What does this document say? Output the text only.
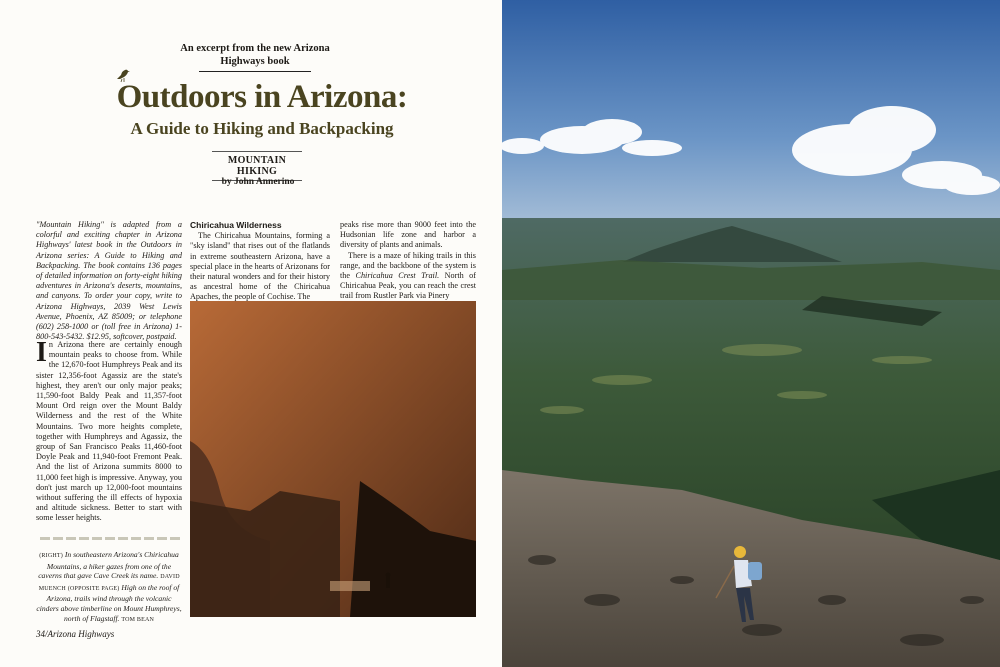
An excerpt from the new Arizona Highways book
Outdoors in Arizona:
A Guide to Hiking and Backpacking
MOUNTAIN HIKING
by John Annerino
"Mountain Hiking" is adapted from a colorful and exciting chapter in Arizona Highways' latest book in the Outdoors in Arizona series: A Guide to Hiking and Backpacking. The book contains 136 pages of detailed information on forty-eight hiking adventures in Arizona's deserts, mountains, and canyons. To order your copy, write to Arizona Highways, 2039 West Lewis Avenue, Phoenix, AZ 85009; or telephone (602) 258-1000 or (toll free in Arizona) 1-800-543-5432. $12.95, softcover, postpaid.
I n Arizona there are certainly enough mountain peaks to choose from. While the 12,670-foot Humphreys Peak and its sister 12,356-foot Agassiz are the state's highest, they aren't our only major peaks; 11,590-foot Baldy Peak and 11,357-foot Mount Ord reign over the Mount Baldy Wilderness and the rest of the White Mountains. Two more heights complete, together with Humphreys and Agassiz, the group of San Francisco Peaks 11,460-foot Doyle Peak and 11,940-foot Fremont Peak. And the list of Arizona summits 8000 to 11,000 feet high is impressive. Anyway, you don't just march up 12,000-foot mountains without suffering the ill effects of hypoxia and altitude sickness. Better to start with some lesser heights.
Chiricahua Wilderness

The Chiricahua Mountains, forming a "sky island" that rises out of the flatlands in extreme southeastern Arizona, have a special place in the hearts of Arizonans for their natural wonders and for their history as ancestral home of the Chiricahua Apaches, the people of Cochise. The

peaks rise more than 9000 feet into the Hudsonian life zone and harbor a diversity of plants and animals.

There is a maze of hiking trails in this range, and the backbone of the system is the Chiricahua Crest Trail. North of Chiricahua Peak, you can reach the crest trail from Rustler Park via Pinery

(RIGHT) In southeastern Arizona's Chiricahua Mountains, a hiker gazes from one of the caverns that gave Cave Creek its name. DAVID MUENCH (OPPOSITE PAGE) High on the roof of Arizona, trails wind through the volcanic cinders above timberline on Mount Humphreys, north of Flagstaff. TOM BEAN
34/Arizona Highways
